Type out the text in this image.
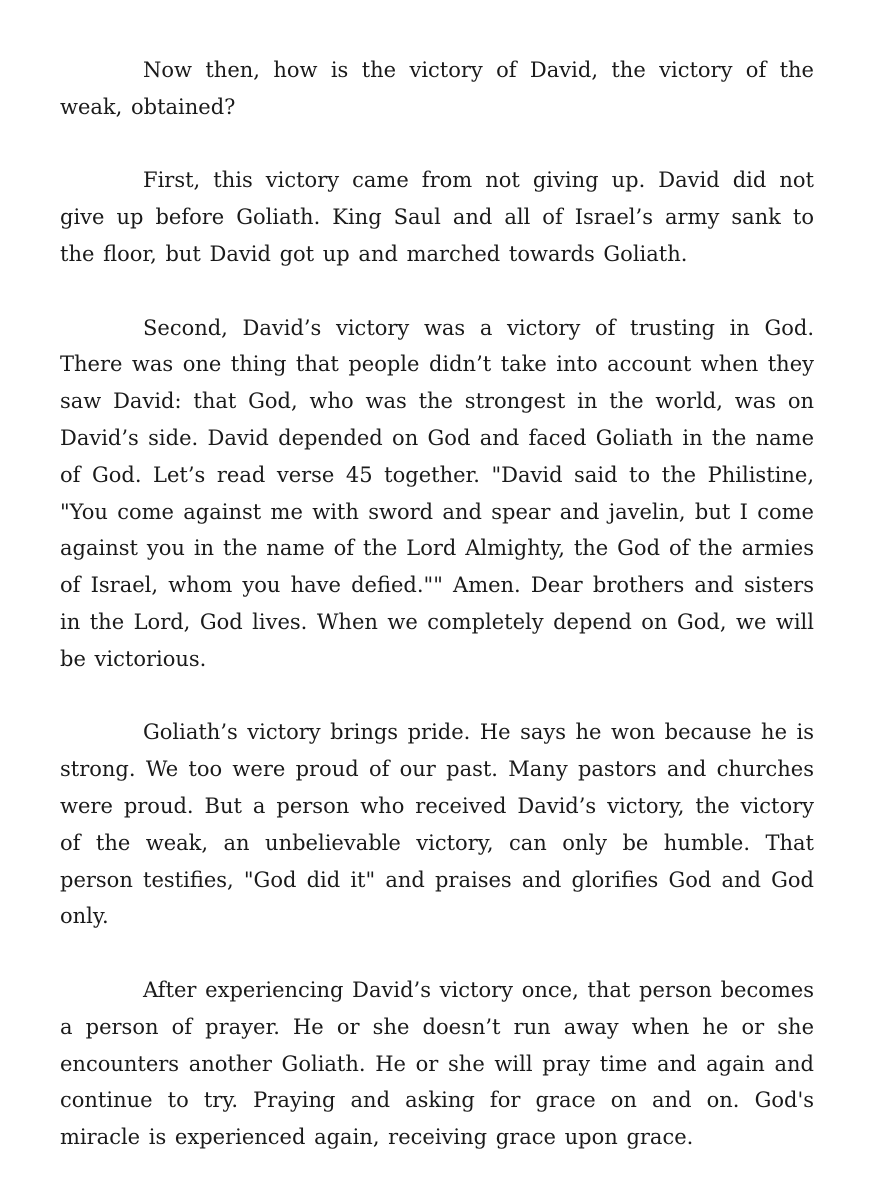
Now then, how is the victory of David, the victory of the weak, obtained?

First, this victory came from not giving up. David did not give up before Goliath. King Saul and all of Israel’s army sank to the floor, but David got up and marched towards Goliath.

Second, David’s victory was a victory of trusting in God. There was one thing that people didn’t take into account when they saw David: that God, who was the strongest in the world, was on David’s side. David depended on God and faced Goliath in the name of God. Let’s read verse 45 together. "David said to the Philistine, "You come against me with sword and spear and javelin, but I come against you in the name of the Lord Almighty, the God of the armies of Israel, whom you have defied."" Amen. Dear brothers and sisters in the Lord, God lives. When we completely depend on God, we will be victorious.

Goliath’s victory brings pride. He says he won because he is strong. We too were proud of our past. Many pastors and churches were proud. But a person who received David’s victory, the victory of the weak, an unbelievable victory, can only be humble. That person testifies, "God did it" and praises and glorifies God and God only.

After experiencing David’s victory once, that person becomes a person of prayer. He or she doesn’t run away when he or she encounters another Goliath. He or she will pray time and again and continue to try. Praying and asking for grace on and on. God's miracle is experienced again, receiving grace upon grace.
